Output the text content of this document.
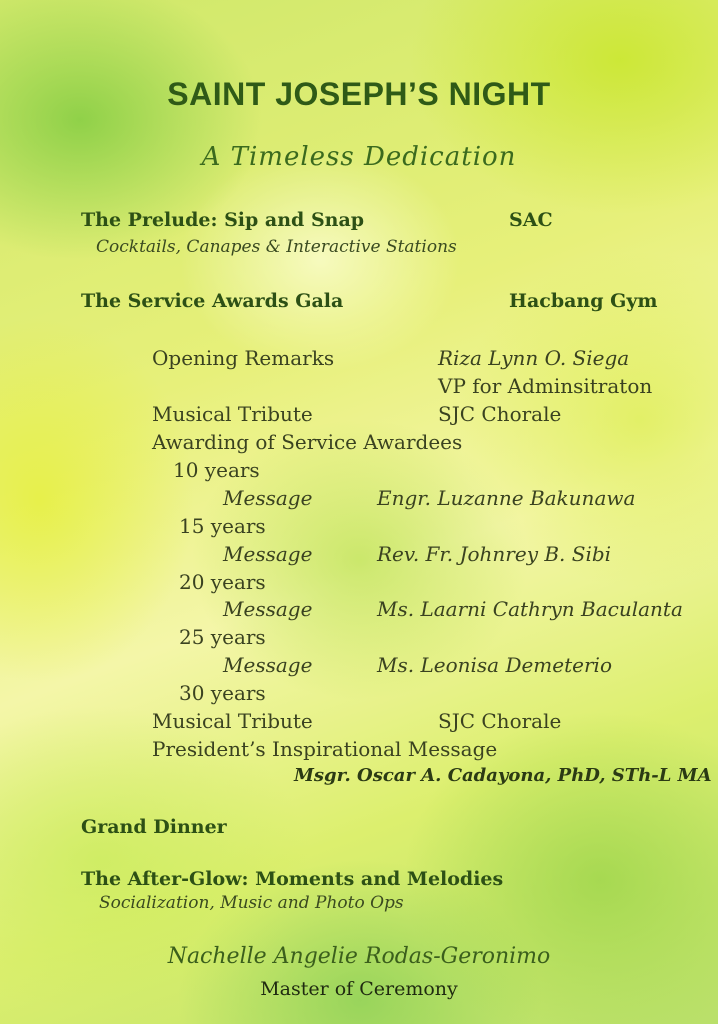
SAINT JOSEPH’S NIGHT
A Timeless Dedication
The Prelude: Sip and Snap	SAC
Cocktails, Canapes & Interactive Stations
The Service Awards Gala	Hacbang Gym
Opening Remarks	Riza Lynn O. Siega
VP for Adminsitraton
Musical Tribute	SJC Chorale
Awarding of Service Awardees
10 years
Message	Engr. Luzanne Bakunawa
15 years
Message	Rev. Fr. Johnrey B. Sibi
20 years
Message	Ms. Laarni Cathryn Baculanta
25 years
Message	Ms. Leonisa Demeterio
30 years
Musical Tribute	SJC Chorale
President’s Inspirational Message
Msgr. Oscar A. Cadayona, PhD, STh-L MA
Grand Dinner
The After-Glow: Moments and Melodies
Socialization, Music and Photo Ops
Nachelle Angelie Rodas-Geronimo
Master of Ceremony
